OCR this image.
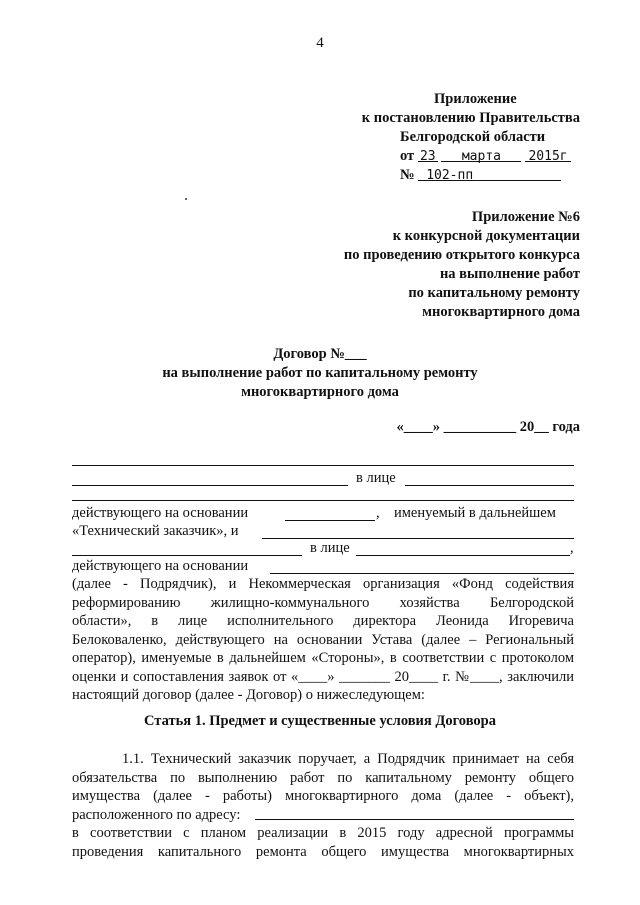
4
Приложение
к постановлению Правительства
Белгородской области
от 23 марта 2015г
№ 102-пп
Приложение №6
к конкурсной документации
по проведению открытого конкурса
на выполнение работ
по капитальному ремонту
многоквартирного дома
Договор №___
на выполнение работ по капитальному ремонту
многоквартирного дома
«____» __________ 20__ года
в лице
действующего на основании	, именуемый в дальнейшем
«Технический заказчик», и
в лице	,
действующего на основании
(далее - Подрядчик), и Некоммерческая организация «Фонд содействия
реформированию жилищно-коммунального хозяйства Белгородской
области», в лице исполнительного директора Леонида Игоревича
Белоковаленко, действующего на основании Устава (далее – Региональный
оператор), именуемые в дальнейшем «Стороны», в соответствии с протоколом
оценки и сопоставления заявок от «____» _______ 20____ г. №____, заключили
настоящий договор (далее - Договор) о нижеследующем:
Статья 1. Предмет и существенные условия Договора
1.1. Технический заказчик поручает, а Подрядчик принимает на себя
обязательства по выполнению работ по капитальному ремонту общего
имущества (далее - работы) многоквартирного дома (далее - объект),
расположенного по адресу:
в соответствии с планом реализации в 2015 году адресной программы
проведения капитального ремонта общего имущества многоквартирных
